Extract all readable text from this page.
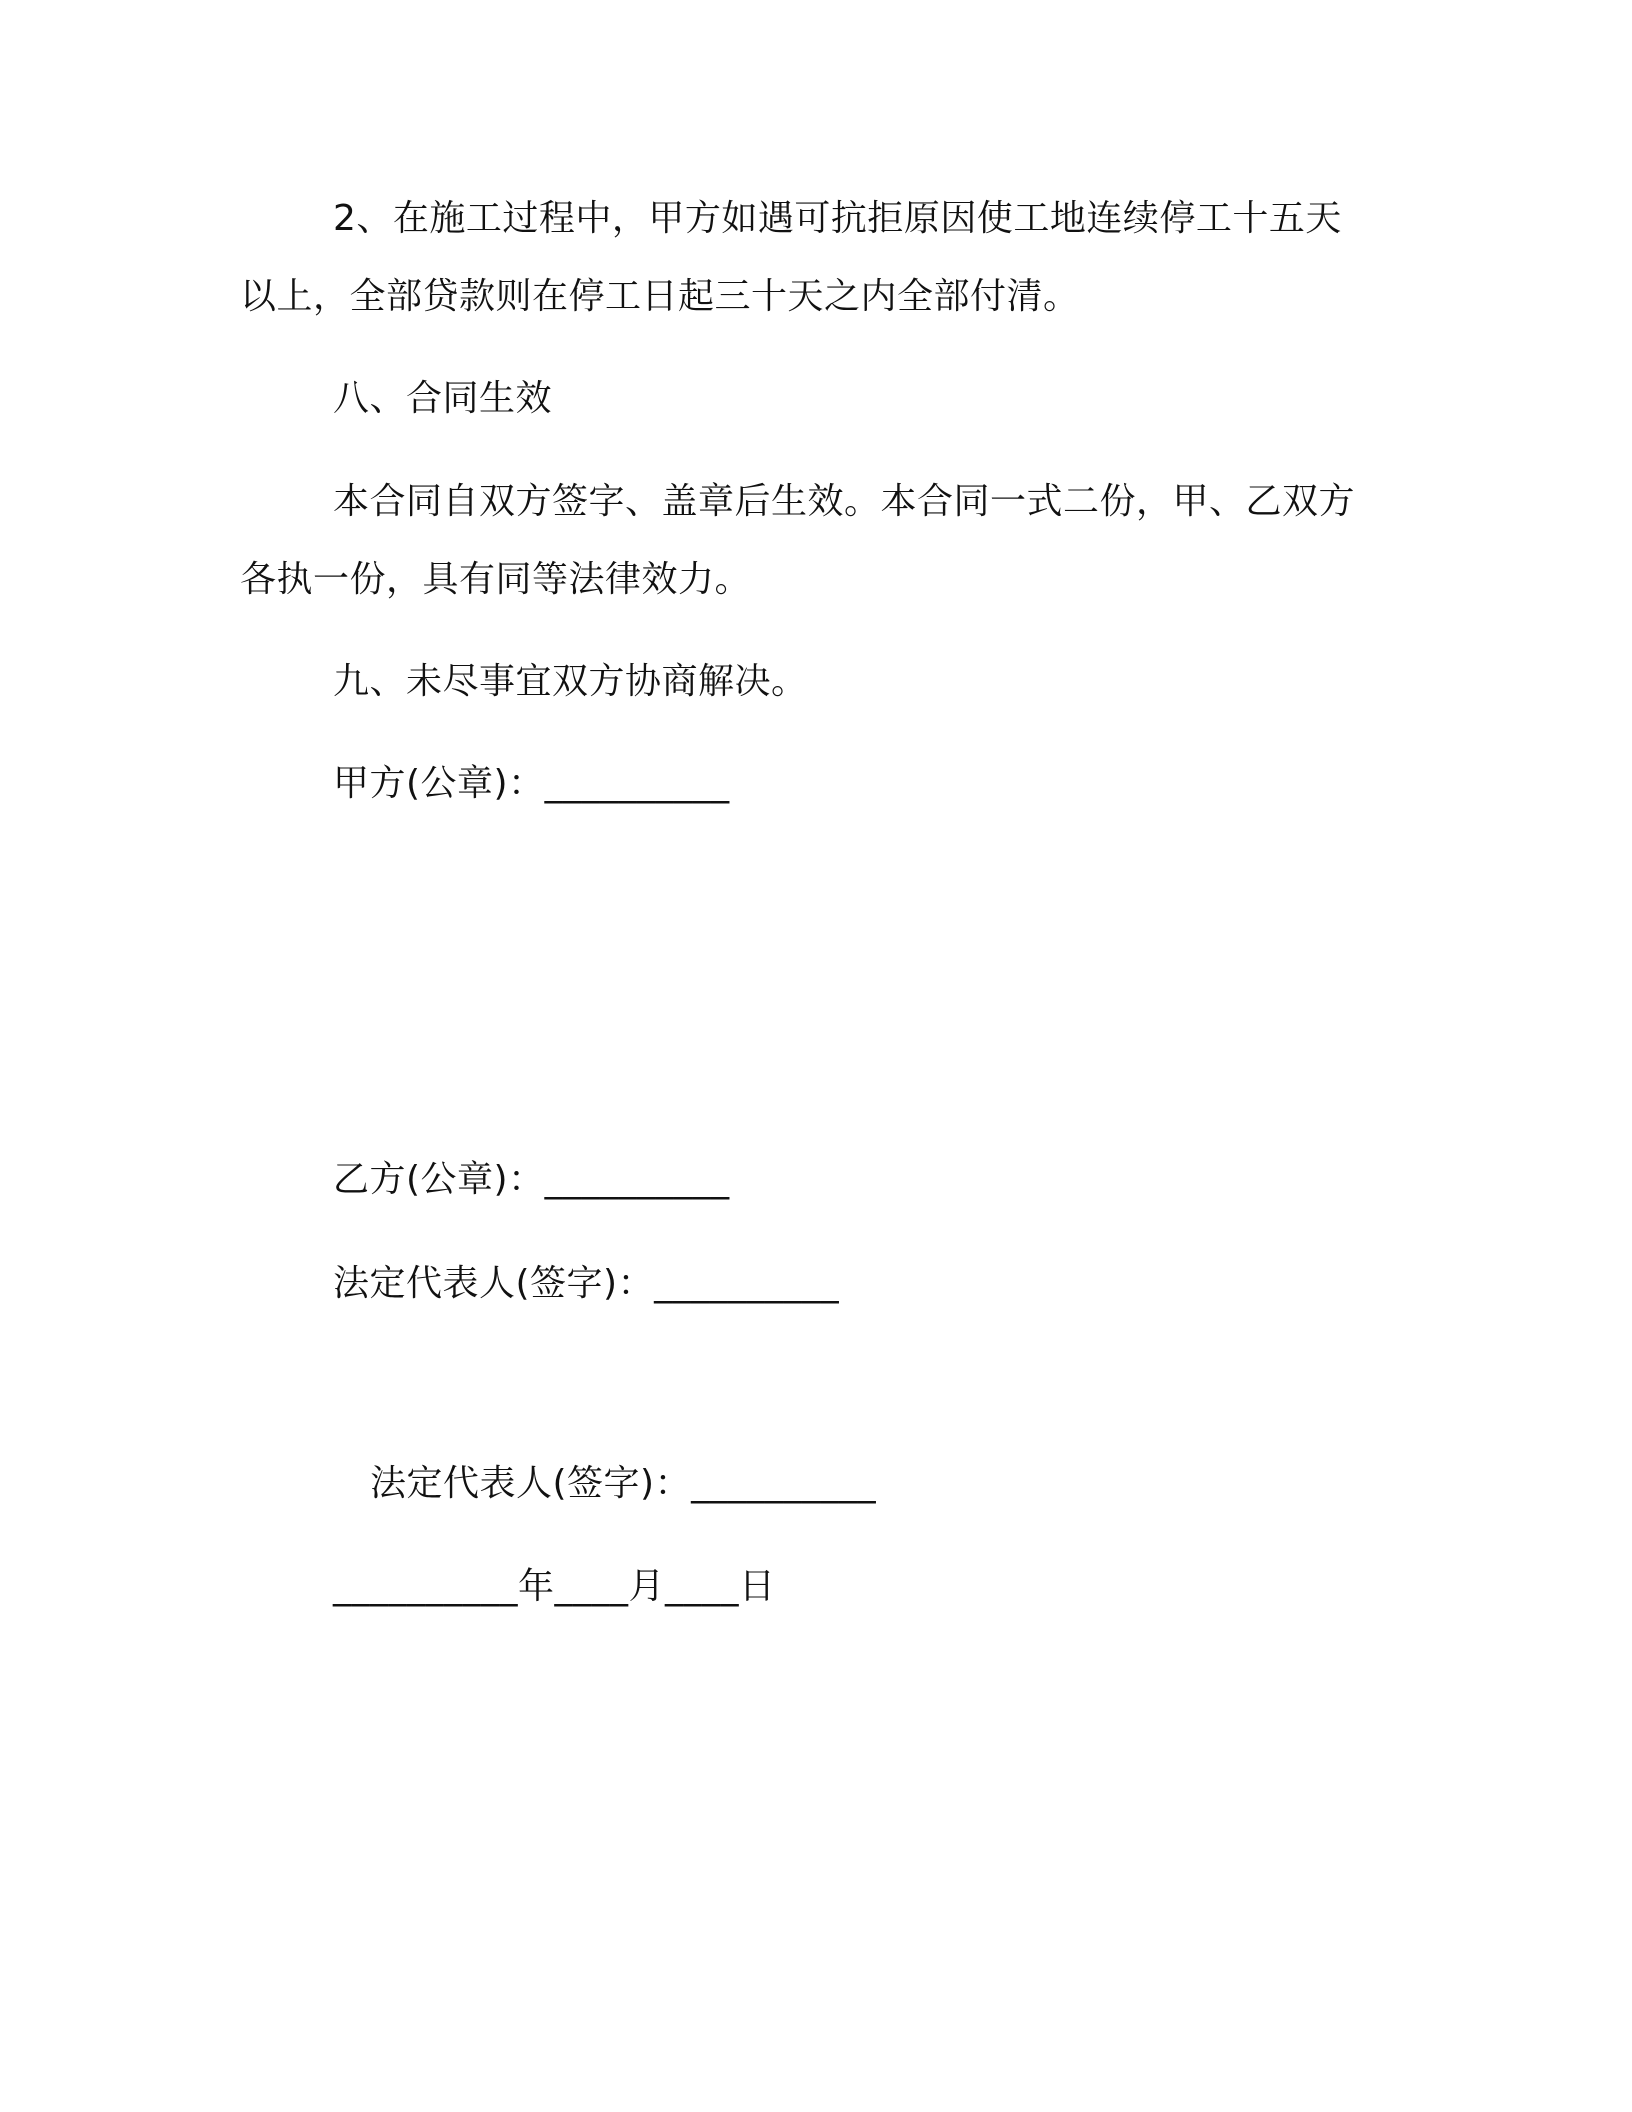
2、在施工过程中，甲方如遇可抗拒原因使工地连续停工十五天
以上，全部贷款则在停工日起三十天之内全部付清。
八、合同生效
本合同自双方签字、盖章后生效。本合同一式二份，甲、乙双方
各执一份，具有同等法律效力。
九、未尽事宜双方协商解决。
甲方(公章)：__________
乙方(公章)：__________
法定代表人(签字)：__________
法定代表人(签字)：__________
__________年____月____日
